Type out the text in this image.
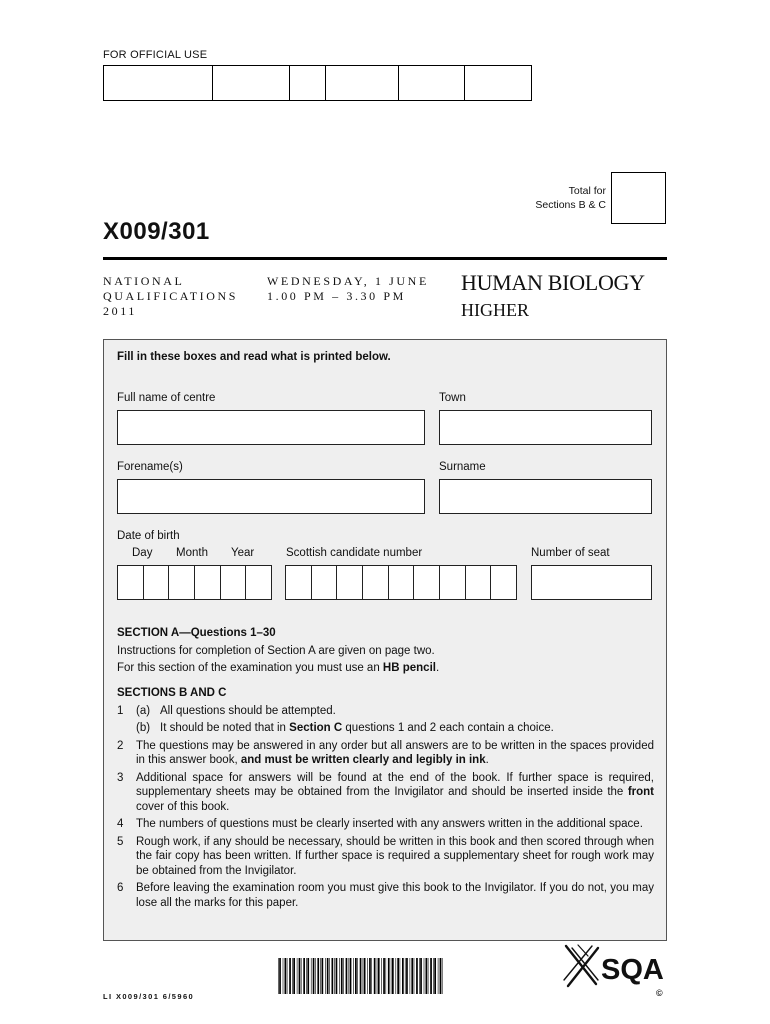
FOR OFFICIAL USE
Total for
Sections B & C
X009/301
NATIONAL
QUALIFICATIONS
2011
WEDNESDAY, 1 JUNE
1.00 PM – 3.30 PM
HUMAN BIOLOGY
HIGHER
Fill in these boxes and read what is printed below.
Full name of centre	Town
Forename(s)	Surname
Date of birth
Day Month Year	Scottish candidate number	Number of seat
SECTION A—Questions 1–30
Instructions for completion of Section A are given on page two.
For this section of the examination you must use an HB pencil.
SECTIONS B AND C
1	(a) All questions should be attempted.
(b) It should be noted that in Section C questions 1 and 2 each contain a choice.
2	The questions may be answered in any order but all answers are to be written in the spaces provided in this answer book, and must be written clearly and legibly in ink.
3	Additional space for answers will be found at the end of the book. If further space is required, supplementary sheets may be obtained from the Invigilator and should be inserted inside the front cover of this book.
4	The numbers of questions must be clearly inserted with any answers written in the additional space.
5	Rough work, if any should be necessary, should be written in this book and then scored through when the fair copy has been written. If further space is required a supplementary sheet for rough work may be obtained from the Invigilator.
6	Before leaving the examination room you must give this book to the Invigilator. If you do not, you may lose all the marks for this paper.
LI X009/301 6/5960
SQA
©
